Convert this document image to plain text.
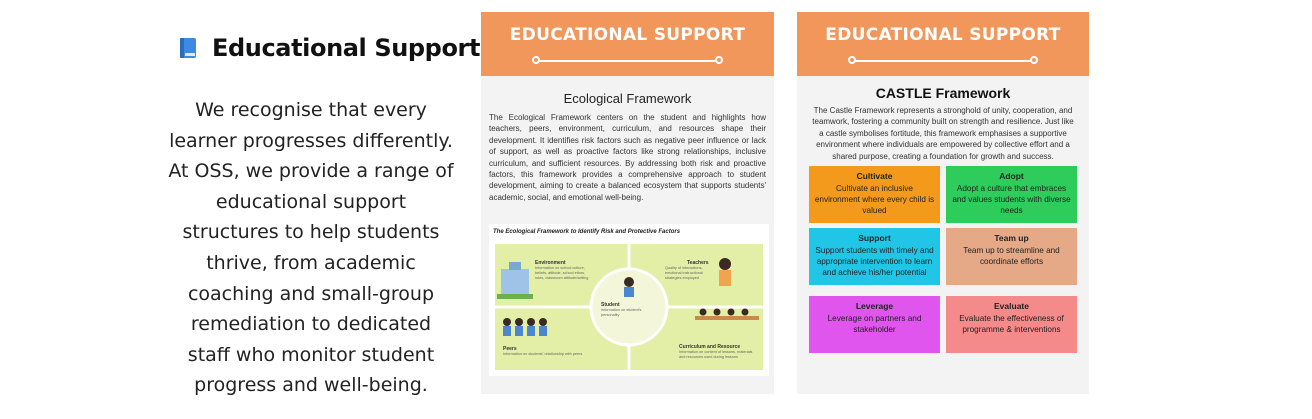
Educational Support

We recognise that every learner progresses differently. At OSS, we provide a range of educational support structures to help students thrive, from academic coaching and small-group remediation to dedicated staff who monitor student progress and well-being.

EDUCATIONAL SUPPORT
Ecological Framework
The Ecological Framework centers on the student and highlights how teachers, peers, environment, curriculum, and resources shape their development. It identifies risk factors such as negative peer influence or lack of support, as well as proactive factors like strong relationships, inclusive curriculum, and sufficient resources. By addressing both risk and proactive factors, this framework provides a comprehensive approach to student development, aiming to create a balanced ecosystem that supports students' academic, social, and emotional well-being.
The Ecological Framework to Identify Risk and Protective Factors
Environment
Information on school culture, beliefs, attitude, school ethos, rules, classroom attitude/setting
Teachers
Quality of interactions, emotional instructional strategies employed
Student
Information on student's personality
Peers
Information on students' relationship with peers
Curriculum and Resource
Information on content of lessons, materials and resources used during lessons
EDUCATIONAL SUPPORT
CASTLE Framework
The Castle Framework represents a stronghold of unity, cooperation, and teamwork, fostering a community built on strength and resilience. Just like a castle symbolises fortitude, this framework emphasises a supportive environment where individuals are empowered by collective effort and a shared purpose, creating a foundation for growth and success.
Cultivate
Cultivate an inclusive environment where every child is valued
Adopt
Adopt a culture that embraces and values students with diverse needs
Support
Support students with timely and appropriate intervention to learn and achieve his/her potential
Team up
Team up to streamline and coordinate efforts
Leverage
Leverage on partners and stakeholder
Evaluate
Evaluate the effectiveness of programme & interventions
